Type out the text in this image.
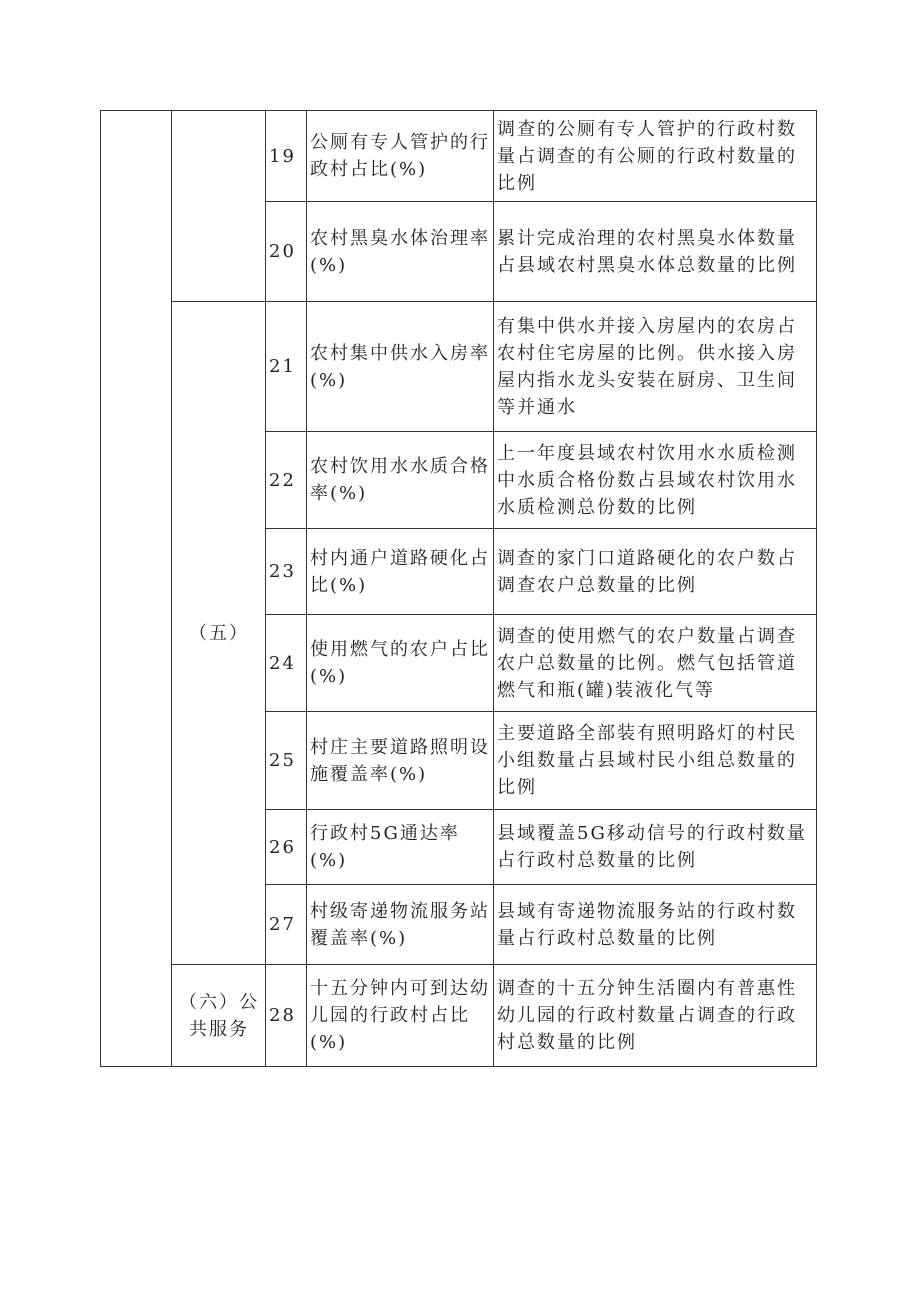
		19	公厕有专人管护的行政村占比(%)	调查的公厕有专人管护的行政村数量占调查的有公厕的行政村数量的比例
		20	农村黑臭水体治理率(%)	累计完成治理的农村黑臭水体数量占县域农村黑臭水体总数量的比例
	（五）	21	农村集中供水入房率(%)	有集中供水并接入房屋内的农房占农村住宅房屋的比例。供水接入房屋内指水龙头安装在厨房、卫生间等并通水
		22	农村饮用水水质合格率(%)	上一年度县域农村饮用水水质检测中水质合格份数占县域农村饮用水水质检测总份数的比例
		23	村内通户道路硬化占比(%)	调查的家门口道路硬化的农户数占调查农户总数量的比例
		24	使用燃气的农户占比(%)	调查的使用燃气的农户数量占调查农户总数量的比例。燃气包括管道燃气和瓶(罐)装液化气等
		25	村庄主要道路照明设施覆盖率(%)	主要道路全部装有照明路灯的村民小组数量占县域村民小组总数量的比例
		26	行政村5G通达率(%)	县域覆盖5G移动信号的行政村数量占行政村总数量的比例
		27	村级寄递物流服务站覆盖率(%)	县域有寄递物流服务站的行政村数量占行政村总数量的比例
	（六）公共服务	28	十五分钟内可到达幼儿园的行政村占比(%)	调查的十五分钟生活圈内有普惠性幼儿园的行政村数量占调查的行政村总数量的比例
